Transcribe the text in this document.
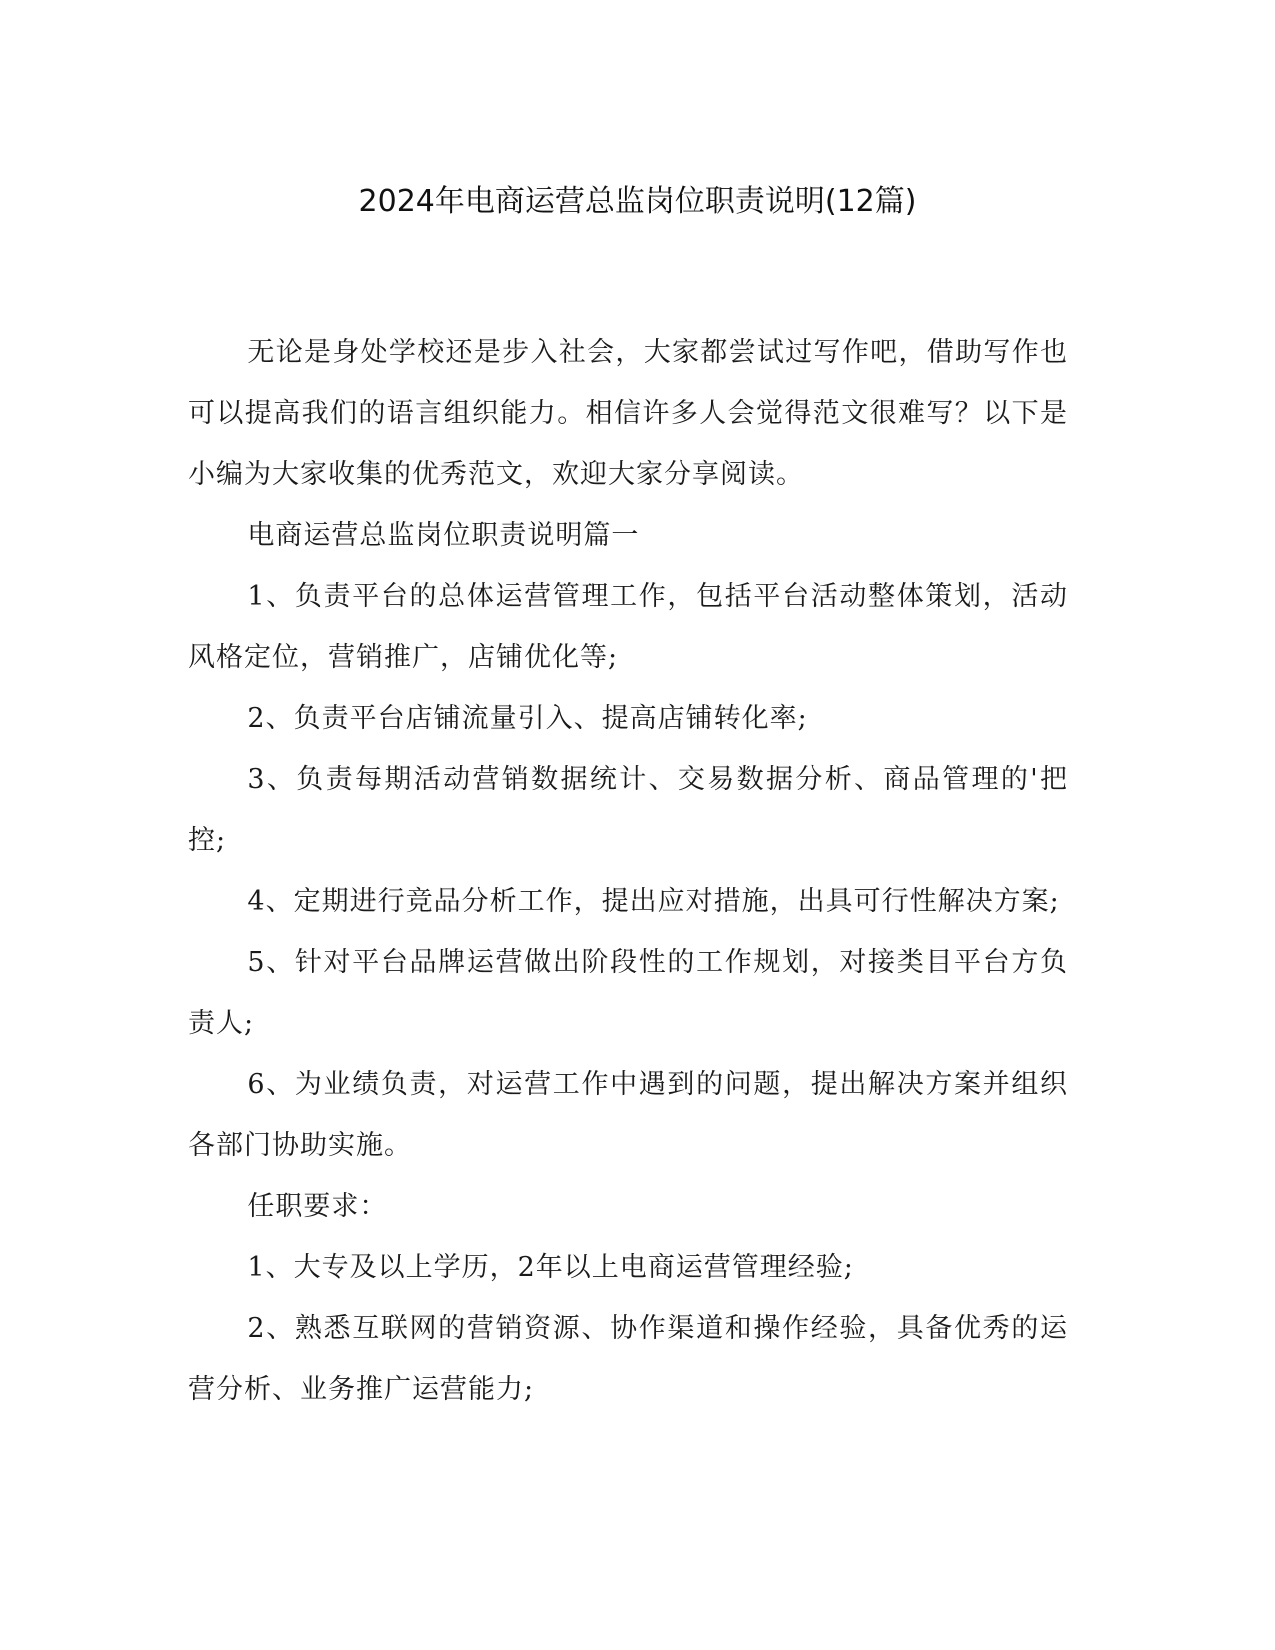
2024年电商运营总监岗位职责说明(12篇)

无论是身处学校还是步入社会，大家都尝试过写作吧，借助写作也可以提高我们的语言组织能力。相信许多人会觉得范文很难写？以下是小编为大家收集的优秀范文，欢迎大家分享阅读。

电商运营总监岗位职责说明篇一

1、负责平台的总体运营管理工作，包括平台活动整体策划，活动风格定位，营销推广，店铺优化等;

2、负责平台店铺流量引入、提高店铺转化率;

3、负责每期活动营销数据统计、交易数据分析、商品管理的'把控;

4、定期进行竞品分析工作，提出应对措施，出具可行性解决方案;

5、针对平台品牌运营做出阶段性的工作规划，对接类目平台方负责人;

6、为业绩负责，对运营工作中遇到的问题，提出解决方案并组织各部门协助实施。

任职要求：

1、大专及以上学历，2年以上电商运营管理经验;

2、熟悉互联网的营销资源、协作渠道和操作经验，具备优秀的运营分析、业务推广运营能力;
